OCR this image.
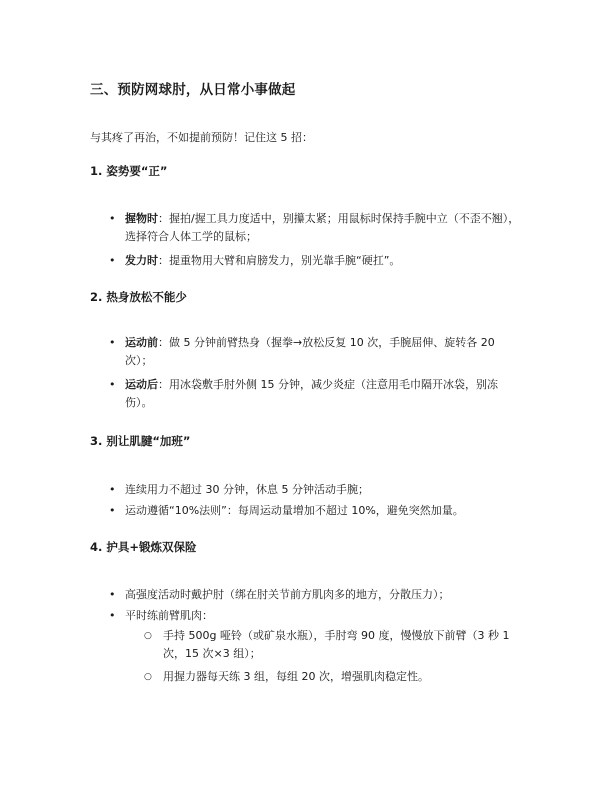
三、预防网球肘，从日常小事做起
与其疼了再治，不如提前预防！记住这 5 招：
1. 姿势要“正”
• 握物时：握拍/握工具力度适中，别攥太紧；用鼠标时保持手腕中立（不歪不翘），选择符合人体工学的鼠标；
• 发力时：提重物用大臂和肩膀发力，别光靠手腕“硬扛”。
2. 热身放松不能少
• 运动前：做 5 分钟前臂热身（握拳→放松反复 10 次，手腕屈伸、旋转各 20 次）；
• 运动后：用冰袋敷手肘外侧 15 分钟，减少炎症（注意用毛巾隔开冰袋，别冻伤）。
3. 别让肌腱“加班”
• 连续用力不超过 30 分钟，休息 5 分钟活动手腕；
• 运动遵循“10%法则”：每周运动量增加不超过 10%，避免突然加量。
4. 护具+锻炼双保险
• 高强度活动时戴护肘（绑在肘关节前方肌肉多的地方，分散压力）；
• 平时练前臂肌肉：
○ 手持 500g 哑铃（或矿泉水瓶），手肘弯 90 度，慢慢放下前臂（3 秒 1 次，15 次×3 组）；
○ 用握力器每天练 3 组，每组 20 次，增强肌肉稳定性。
